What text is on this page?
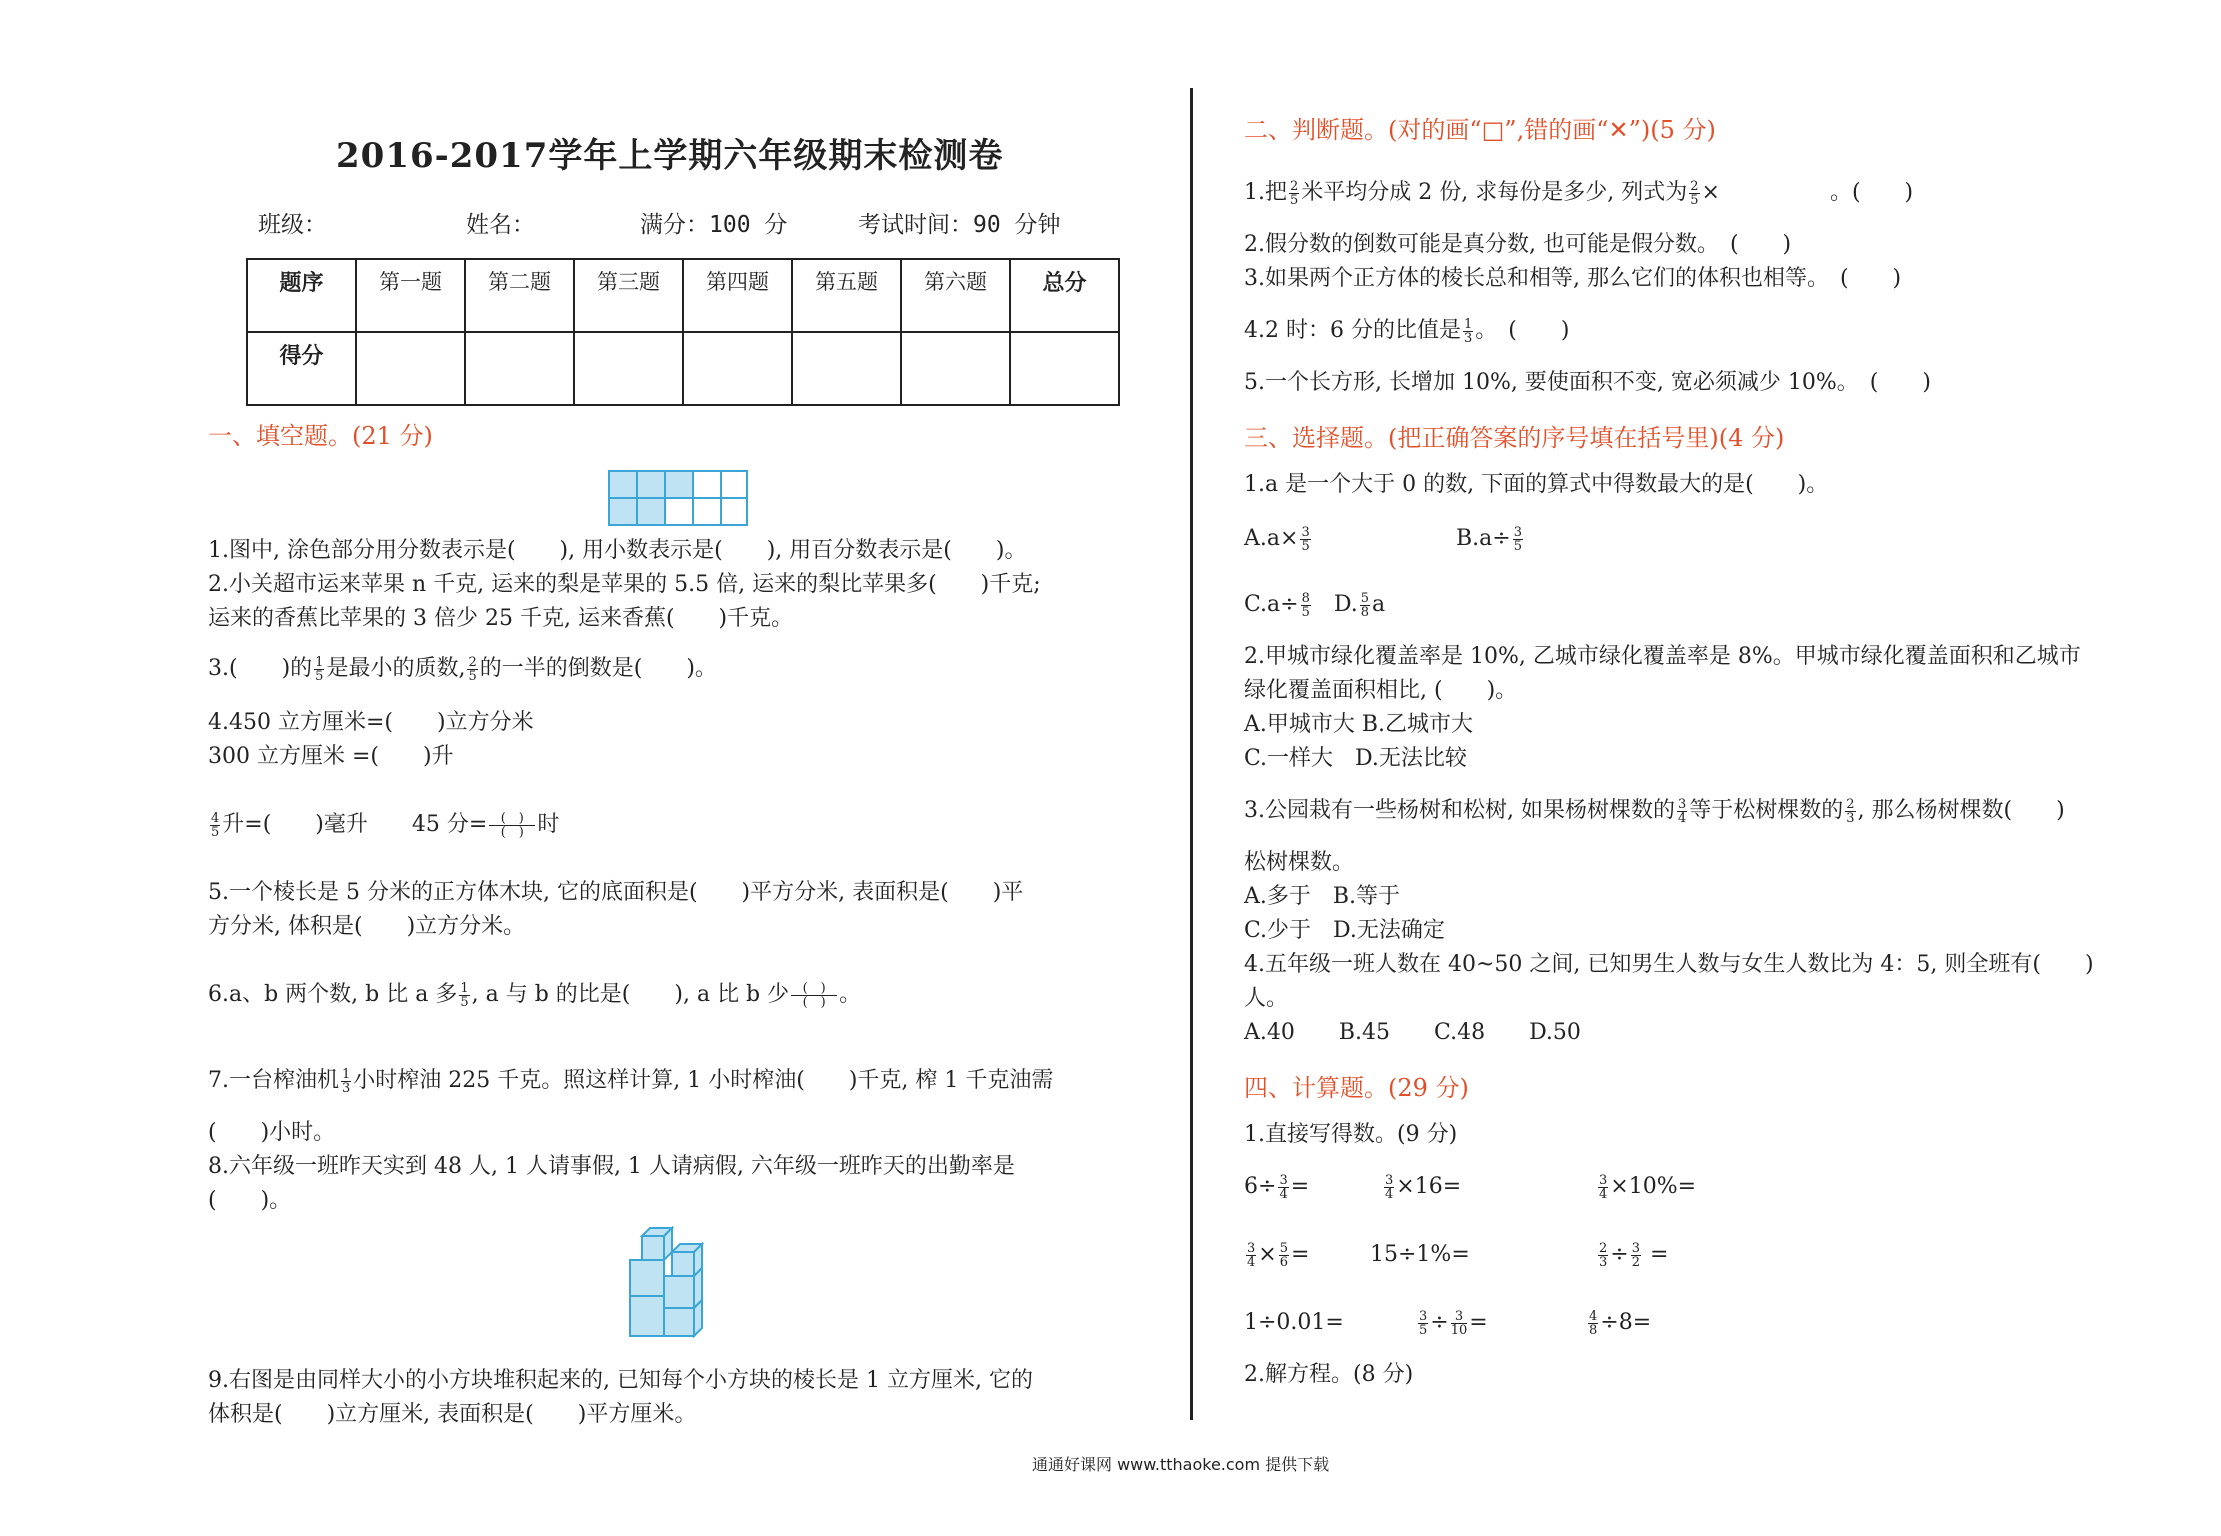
2016-2017学年上学期六年级期末检测卷
班级：	姓名：	满分：100 分	考试时间：90 分钟
题序	第一题	第二题	第三题	第四题	第五题	第六题	总分
得分							
一、填空题。(21 分)
1.图中, 涂色部分用分数表示是(　　), 用小数表示是(　　), 用百分数表示是(　　)。
2.小关超市运来苹果 n 千克, 运来的梨是苹果的 5.5 倍, 运来的梨比苹果多(　　)千克;
运来的香蕉比苹果的 3 倍少 25 千克, 运来香蕉(　　)千克。
3.(　　)的 $\frac{1}{5}$ 是最小的质数, $\frac{2}{5}$ 的一半的倒数是(　　)。
4.450 立方厘米=(　　)立方分米
300 立方厘米 =(　　)升
$\frac{4}{5}$ 升=(　　)毫升　　45 分= $\frac{( )}{( )}$ 时
5.一个棱长是 5 分米的正方体木块, 它的底面积是(　　)平方分米, 表面积是(　　)平
方分米, 体积是(　　)立方分米。
6.a、b 两个数, b 比 a 多 $\frac{1}{5}$ , a 与 b 的比是(　　), a 比 b 少 $\frac{( )}{( )}$ 。
7.一台榨油机 $\frac{1}{3}$ 小时榨油 225 千克。照这样计算, 1 小时榨油(　　)千克, 榨 1 千克油需
(　　)小时。
8.六年级一班昨天实到 48 人, 1 人请事假, 1 人请病假, 六年级一班昨天的出勤率是
(　　)。
9.右图是由同样大小的小方块堆积起来的, 已知每个小方块的棱长是 1 立方厘米, 它的
体积是(　　)立方厘米, 表面积是(　　)平方厘米。
二、判断题。(对的画“□”,错的画“✕”)(5 分)
1.把 $\frac{2}{5}$ 米平均分成 2 份, 求每份是多少, 列式为 $\frac{2}{5}$ ×　　　　　。(　　)
2.假分数的倒数可能是真分数, 也可能是假分数。　(　　)
3.如果两个正方体的棱长总和相等, 那么它们的体积也相等。　(　　)
4.2 时：6 分的比值是 $\frac{1}{3}$ 。　(　　)
5.一个长方形, 长增加 10%, 要使面积不变, 宽必须减少 10%。　(　　)
三、选择题。(把正确答案的序号填在括号里)(4 分)
1.a 是一个大于 0 的数, 下面的算式中得数最大的是(　　)。
$A.a\times \frac{3}{5}$	$B.a\div \frac{3}{5}$
$C.a\div \frac{8}{5} D$. $\frac{5}{8}$ a
2.甲城市绿化覆盖率是 10%, 乙城市绿化覆盖率是 8%。甲城市绿化覆盖面积和乙城市
绿化覆盖面积相比, (　　)。
A.甲城市大 B.乙城市大
C.一样大　D.无法比较
3.公园栽有一些杨树和松树, 如果杨树棵数的 $\frac{3}{4}$ 等于松树棵数的 $\frac{2}{3}$ , 那么杨树棵数(　　)
松树棵数。
A.多于　B.等于
C.少于　D.无法确定
4.五年级一班人数在 40~50 之间, 已知男生人数与女生人数比为 4：5, 则全班有(　　)
人。
A.40　　B.45　　C.48　　D.50
四、计算题。(29 分)
1.直接写得数。(9 分)
$6\div \frac{3}{4}$ =	$\frac{3}{4} \times 16=$	$\frac{3}{4} \times 10\%=$
$\frac{3}{4} \times \frac{5}{6}$ =	15÷1%=	$\frac{2}{3} \div \frac{3}{2}$ =
1÷0.01=	$\frac{3}{5} \div \frac{3}{10}$ =	$\frac{4}{8} \div 8=$
2.解方程。(8 分)
通通好课网 www.tthaoke.com 提供下载
